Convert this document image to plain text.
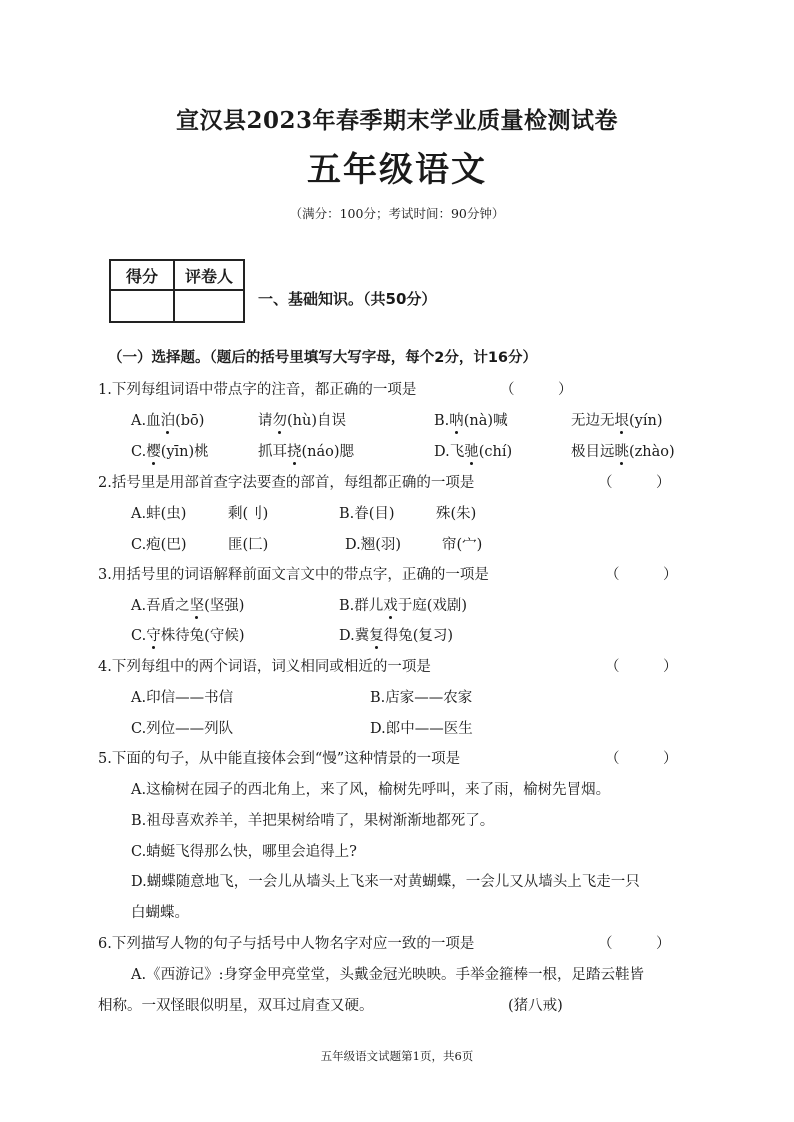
宣汉县2023年春季期末学业质量检测试卷
五年级语文
（满分：100分；考试时间：90分钟）
得分	评卷人

一、基础知识。（共50分）
（一）选择题。（题后的括号里填写大写字母，每个2分，计16分）
1.下列每组词语中带点字的注音，都正确的一项是	（　　　）
A.血泊(bō)	请勿(hù)自误	B.呐(nà)喊	无边无垠(yín)
C.樱(yīn)桃	抓耳挠(náo)腮	D.飞驰(chí)	极目远眺(zhào)
2.括号里是用部首查字法要查的部首，每组都正确的一项是	（　　　）
A.蚌(虫)	剩(刂)	B.眷(目)	殊(朱)
C.疱(巴)	匪(匚)	D.翘(羽)	帘(宀)
3.用括号里的词语解释前面文言文中的带点字，正确的一项是	（　　　）
A.吾盾之坚(坚强)	B.群儿戏于庭(戏剧)
C.守株待兔(守候)	D.冀复得兔(复习)
4.下列每组中的两个词语，词义相同或相近的一项是	（　　　）
A.印信——书信	B.店家——农家
C.列位——列队	D.郎中——医生
5.下面的句子，从中能直接体会到“慢”这种情景的一项是	（　　　）
A.这榆树在园子的西北角上，来了风，榆树先呼叫，来了雨，榆树先冒烟。
B.祖母喜欢养羊，羊把果树给啃了，果树渐渐地都死了。
C.蜻蜓飞得那么快，哪里会追得上?
D.蝴蝶随意地飞，一会儿从墙头上飞来一对黄蝴蝶，一会儿又从墙头上飞走一只
白蝴蝶。
6.下列描写人物的句子与括号中人物名字对应一致的一项是	（　　　）
A.《西游记》:身穿金甲亮堂堂，头戴金冠光映映。手举金箍棒一根，足踏云鞋皆
相称。一双怪眼似明星，双耳过肩查又硬。	(猪八戒)
五年级语文试题第1页，共6页
